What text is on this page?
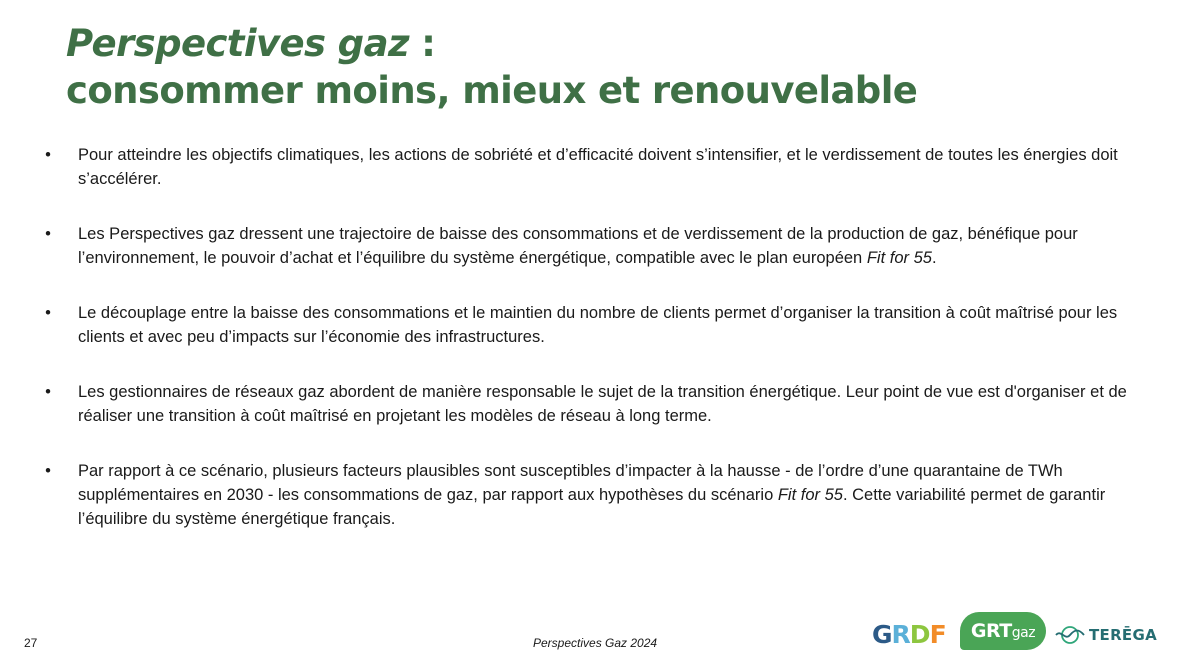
Perspectives gaz :
consommer moins, mieux et renouvelable
• Pour atteindre les objectifs climatiques, les actions de sobriété et d’efficacité doivent s’intensifier, et le verdissement de toutes les énergies doit s’accélérer.
• Les Perspectives gaz dressent une trajectoire de baisse des consommations et de verdissement de la production de gaz, bénéfique pour l’environnement, le pouvoir d’achat et l’équilibre du système énergétique, compatible avec le plan européen Fit for 55.
• Le découplage entre la baisse des consommations et le maintien du nombre de clients permet d’organiser la transition à coût maîtrisé pour les clients et avec peu d’impacts sur l’économie des infrastructures.
• Les gestionnaires de réseaux gaz abordent de manière responsable le sujet de la transition énergétique. Leur point de vue est d'organiser et de réaliser une transition à coût maîtrisé en projetant les modèles de réseau à long terme.
• Par rapport à ce scénario, plusieurs facteurs plausibles sont susceptibles d’impacter à la hausse - de l’ordre d’une quarantaine de TWh supplémentaires en 2030 - les consommations de gaz, par rapport aux hypothèses du scénario Fit for 55. Cette variabilité permet de garantir l’équilibre du système énergétique français.
27	Perspectives Gaz 2024	GRDF	GRTgaz	TERĒGA
